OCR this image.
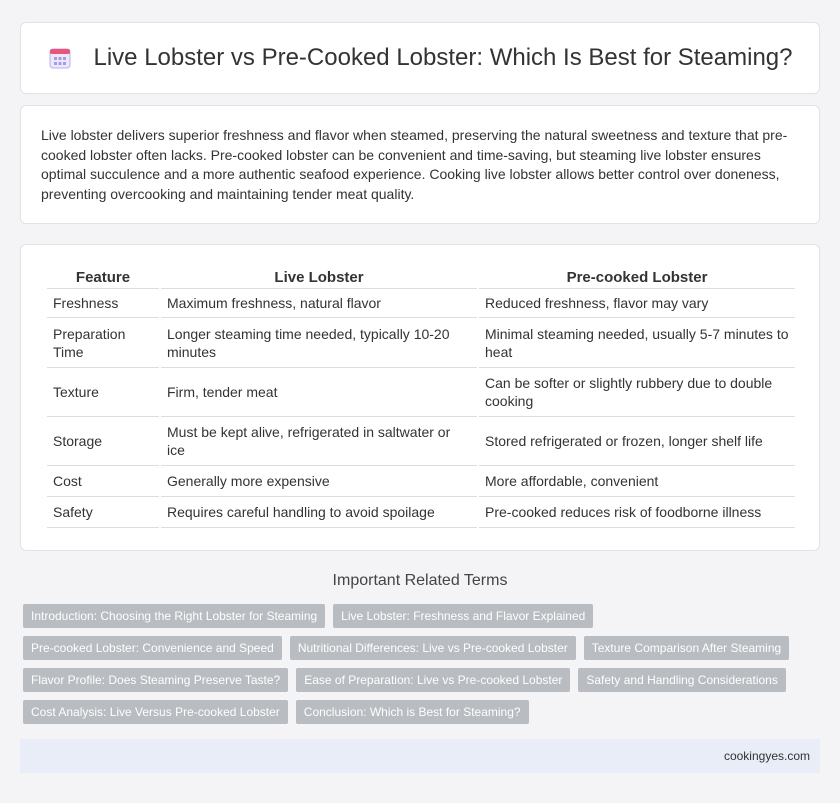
Live Lobster vs Pre-Cooked Lobster: Which Is Best for Steaming?

Live lobster delivers superior freshness and flavor when steamed, preserving the natural sweetness and texture that pre-cooked lobster often lacks. Pre-cooked lobster can be convenient and time-saving, but steaming live lobster ensures optimal succulence and a more authentic seafood experience. Cooking live lobster allows better control over doneness, preventing overcooking and maintaining tender meat quality.

Feature	Live Lobster	Pre-cooked Lobster
Freshness	Maximum freshness, natural flavor	Reduced freshness, flavor may vary
Preparation Time	Longer steaming time needed, typically 10-20 minutes	Minimal steaming needed, usually 5-7 minutes to heat
Texture	Firm, tender meat	Can be softer or slightly rubbery due to double cooking
Storage	Must be kept alive, refrigerated in saltwater or ice	Stored refrigerated or frozen, longer shelf life
Cost	Generally more expensive	More affordable, convenient
Safety	Requires careful handling to avoid spoilage	Pre-cooked reduces risk of foodborne illness
Important Related Terms
Introduction: Choosing the Right Lobster for Steaming	Live Lobster: Freshness and Flavor Explained
Pre-cooked Lobster: Convenience and Speed	Nutritional Differences: Live vs Pre-cooked Lobster	Texture Comparison After Steaming
Flavor Profile: Does Steaming Preserve Taste?	Ease of Preparation: Live vs Pre-cooked Lobster	Safety and Handling Considerations
Cost Analysis: Live Versus Pre-cooked Lobster	Conclusion: Which is Best for Steaming?
cookingyes.com
